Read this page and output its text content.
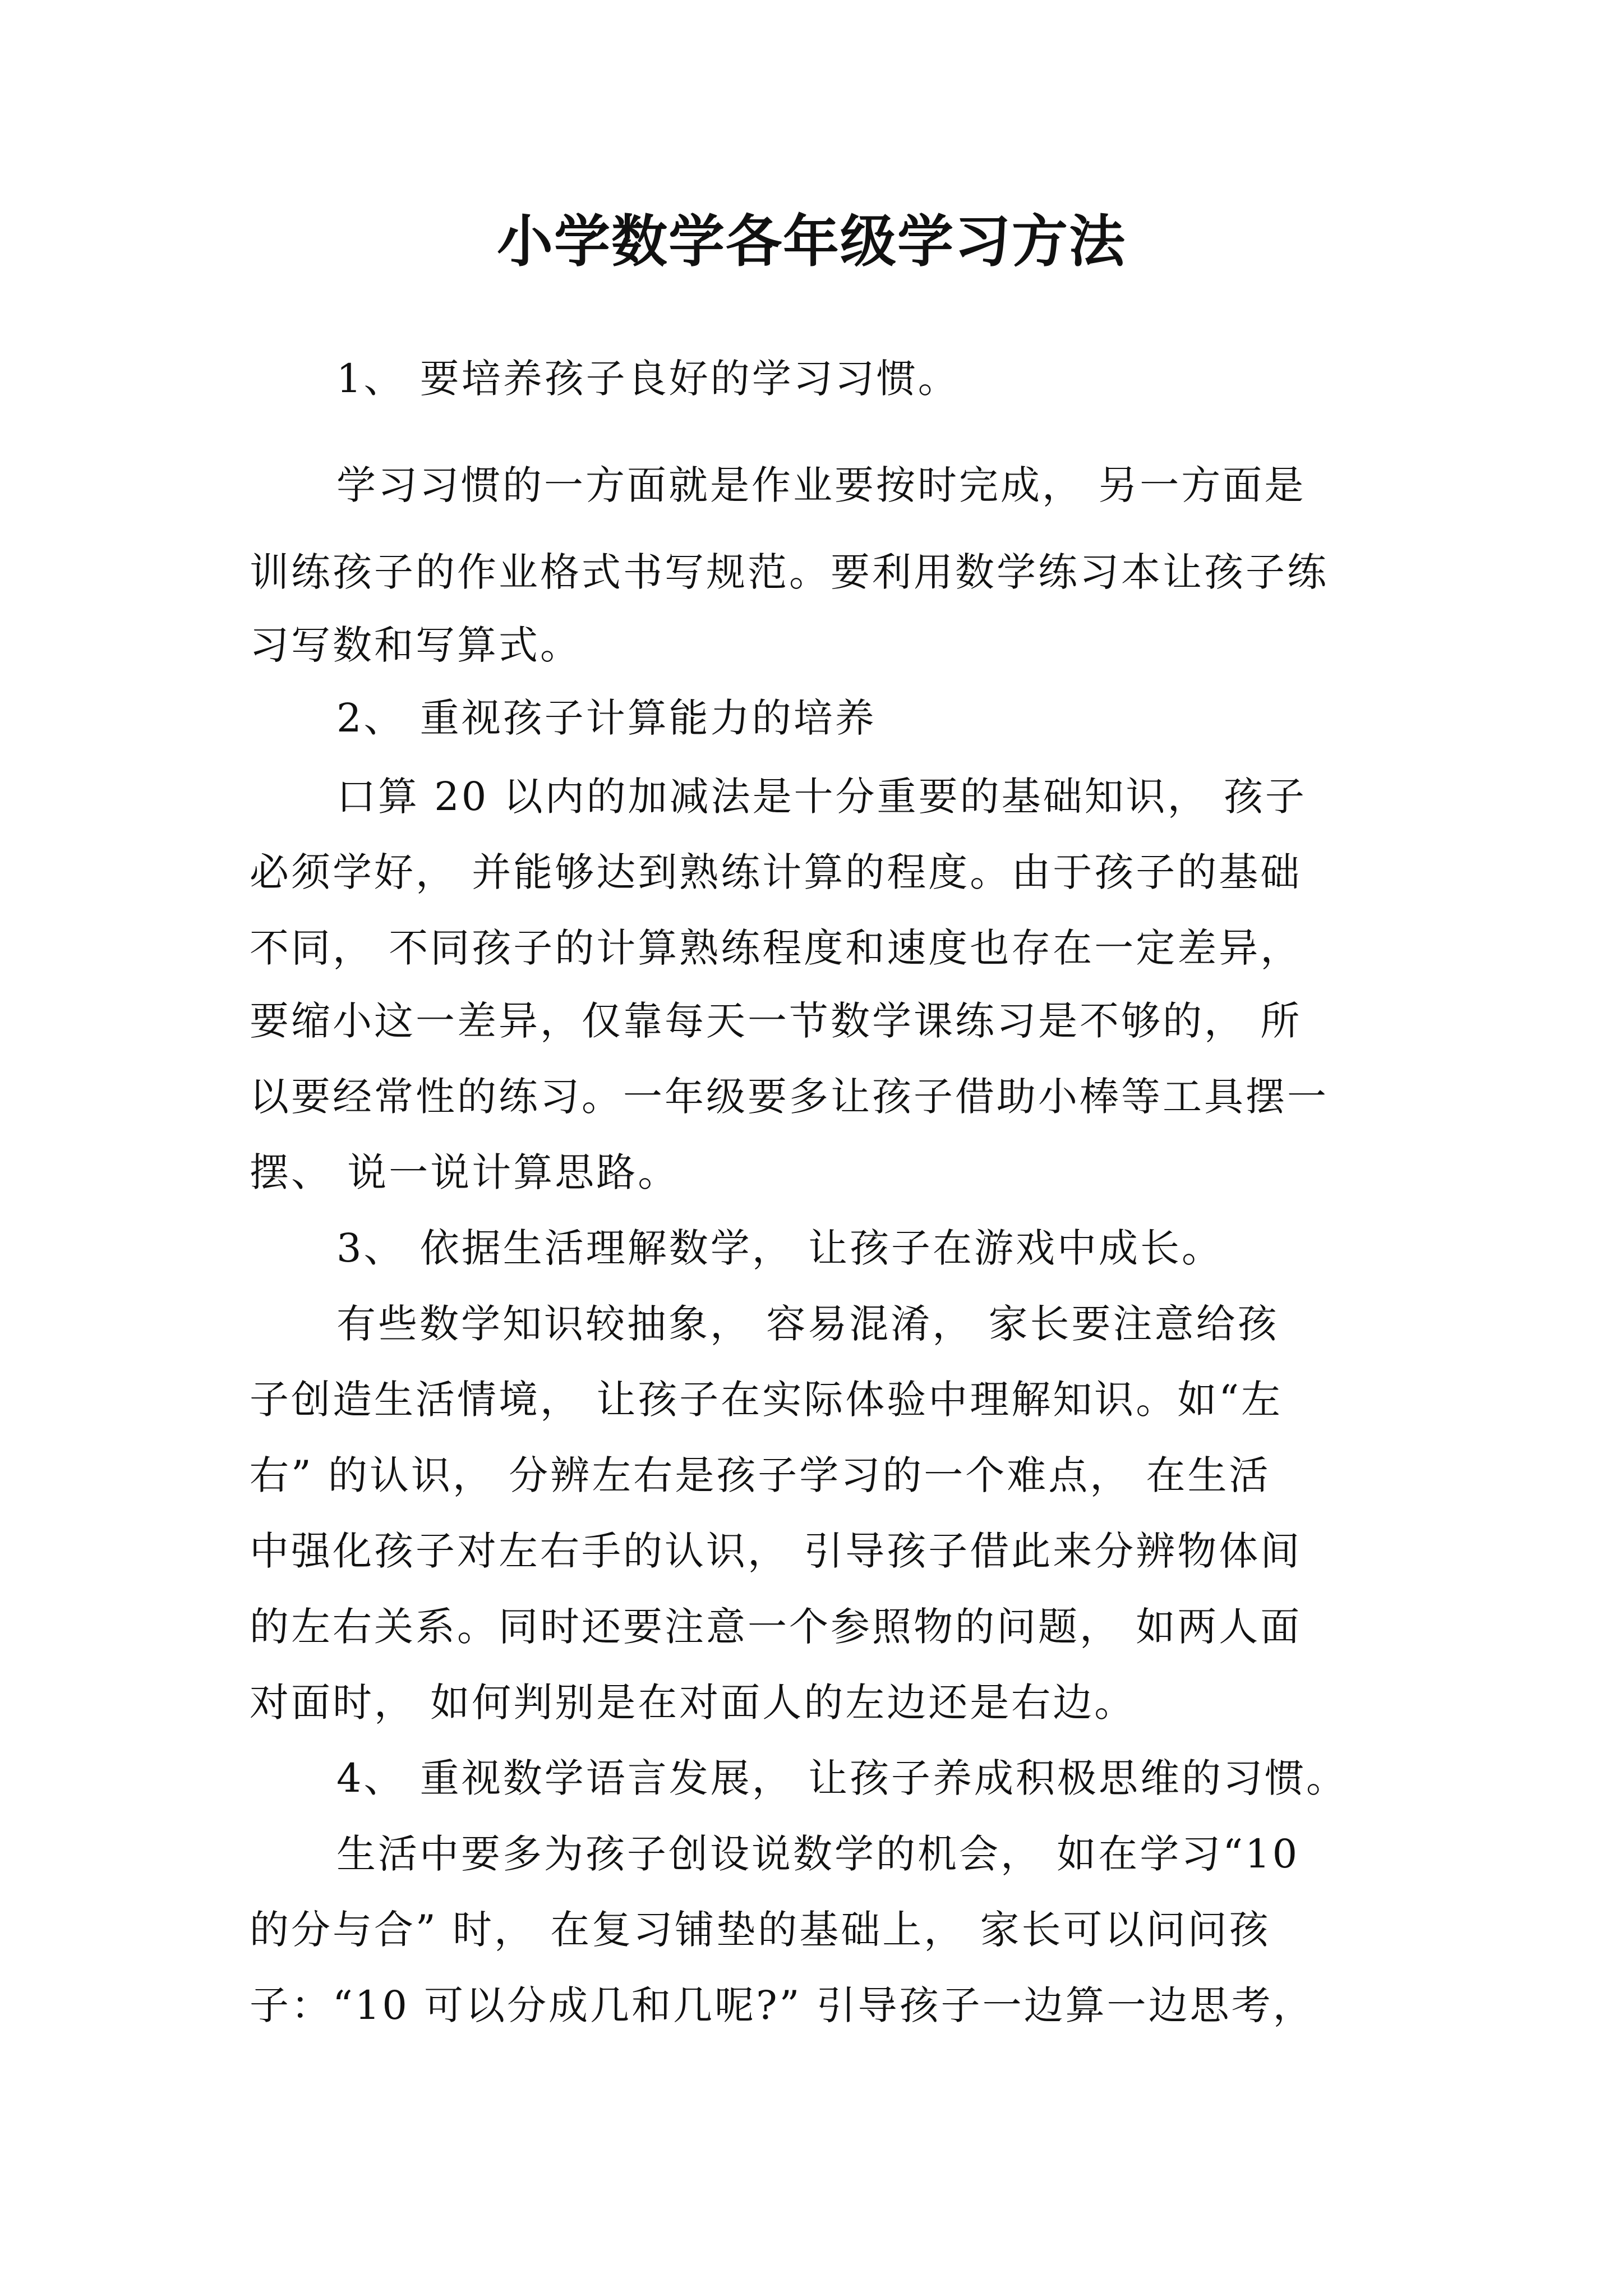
小学数学各年级学习方法
1、 要培养孩子良好的学习习惯。
学习习惯的一方面就是作业要按时完成， 另一方面是
训练孩子的作业格式书写规范。要利用数学练习本让孩子练
习写数和写算式。
2、 重视孩子计算能力的培养
口算 20 以内的加减法是十分重要的基础知识， 孩子
必须学好， 并能够达到熟练计算的程度。由于孩子的基础
不同， 不同孩子的计算熟练程度和速度也存在一定差异，
要缩小这一差异，仅靠每天一节数学课练习是不够的， 所
以要经常性的练习。一年级要多让孩子借助小棒等工具摆一
摆、 说一说计算思路。
3、 依据生活理解数学， 让孩子在游戏中成长。
有些数学知识较抽象， 容易混淆， 家长要注意给孩
子创造生活情境， 让孩子在实际体验中理解知识。如“左
右” 的认识， 分辨左右是孩子学习的一个难点， 在生活
中强化孩子对左右手的认识， 引导孩子借此来分辨物体间
的左右关系。同时还要注意一个参照物的问题， 如两人面
对面时， 如何判别是在对面人的左边还是右边。
4、 重视数学语言发展， 让孩子养成积极思维的习惯。
生活中要多为孩子创设说数学的机会， 如在学习“10
的分与合” 时， 在复习铺垫的基础上， 家长可以问问孩
子：“10 可以分成几和几呢?” 引导孩子一边算一边思考，
